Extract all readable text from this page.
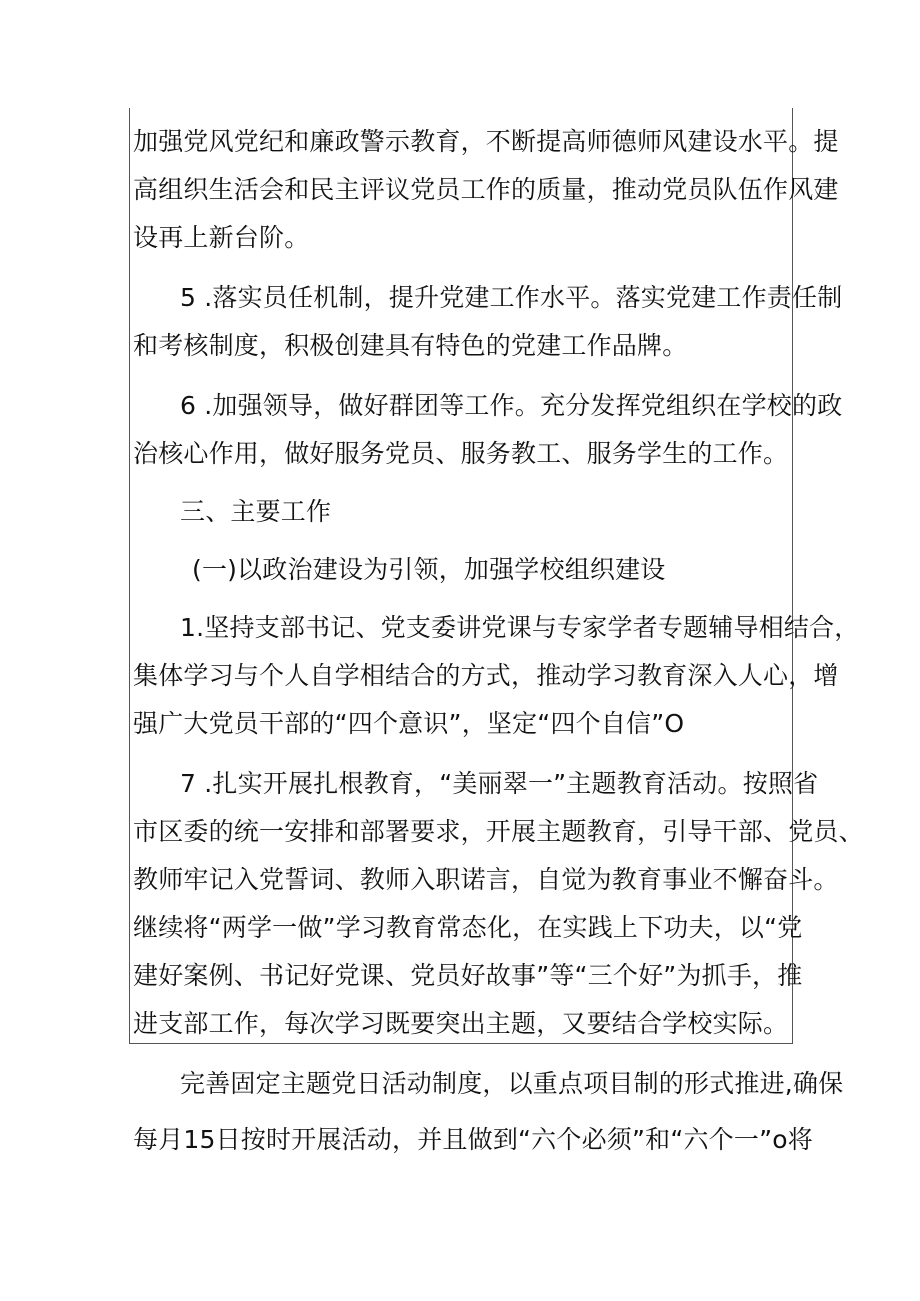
加强党风党纪和廉政警示教育，不断提高师德师风建设水平。提
高组织生活会和民主评议党员工作的质量，推动党员队伍作风建
设再上新台阶。
5 .落实员任机制，提升党建工作水平。落实党建工作责任制
和考核制度，积极创建具有特色的党建工作品牌。
6 .加强领导，做好群团等工作。充分发挥党组织在学校的政
治核心作用，做好服务党员、服务教工、服务学生的工作。
三、主要工作
(一)以政治建设为引领，加强学校组织建设
1.坚持支部书记、党支委讲党课与专家学者专题辅导相结合，
集体学习与个人自学相结合的方式，推动学习教育深入人心，增
强广大党员干部的“四个意识”，坚定“四个自信”O
7 .扎实开展扎根教育，“美丽翠一”主题教育活动。按照省
市区委的统一安排和部署要求，开展主题教育，引导干部、党员、
教师牢记入党誓词、教师入职诺言，自觉为教育事业不懈奋斗。
继续将“两学一做”学习教育常态化，在实践上下功夫，以“党
建好案例、书记好党课、党员好故事”等“三个好”为抓手，推
进支部工作，每次学习既要突出主题，又要结合学校实际。
完善固定主题党日活动制度，以重点项目制的形式推进,确保
每月15日按时开展活动，并且做到“六个必须”和“六个一”o将
